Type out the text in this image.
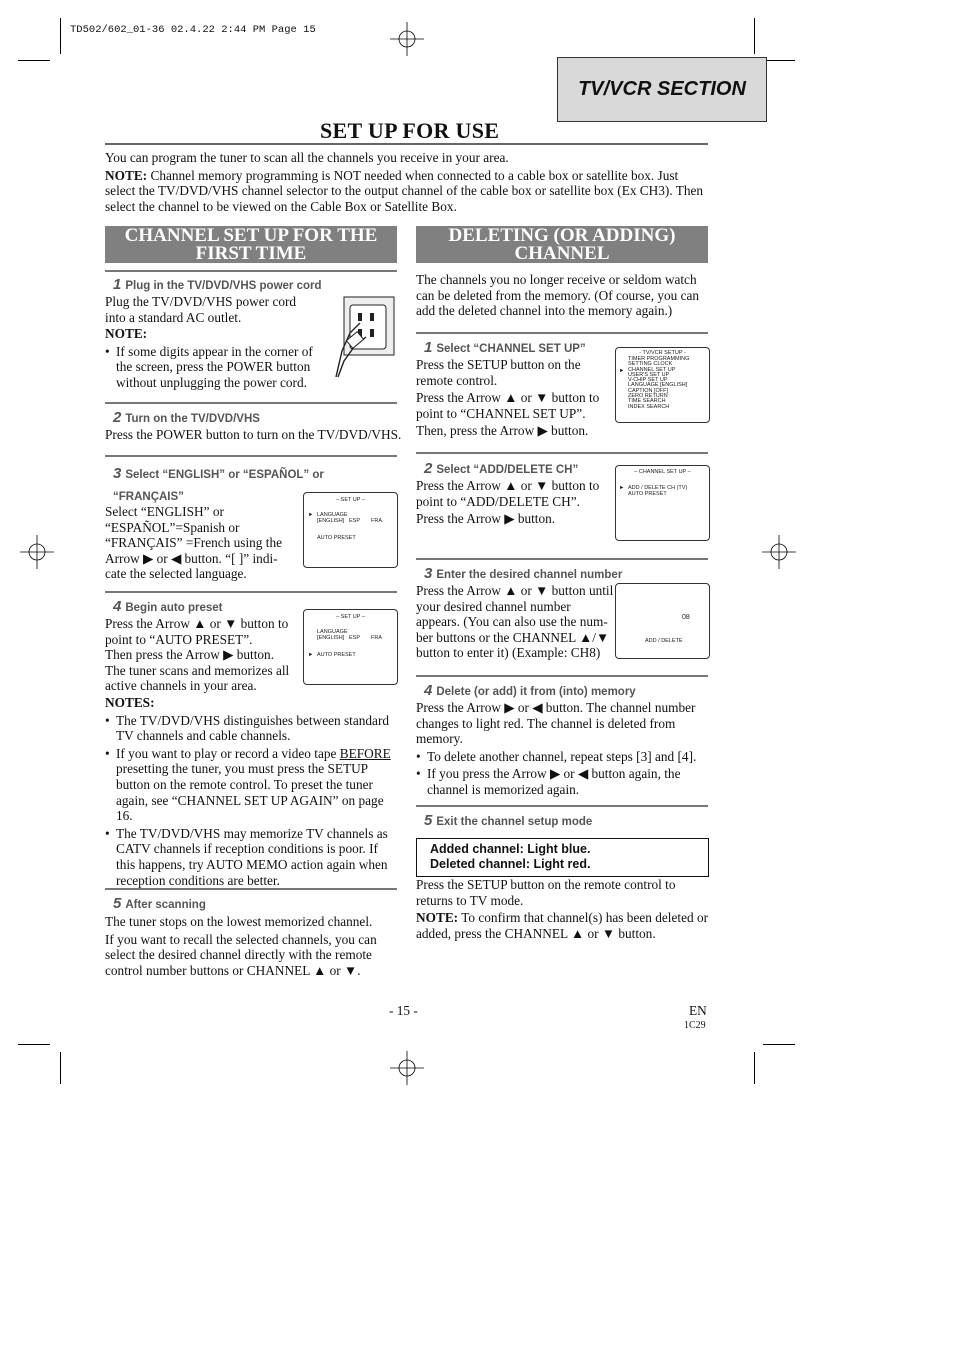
TD502/602_01-36 02.4.22 2:44 PM Page 15
TV/VCR SECTION
SET UP FOR USE
You can program the tuner to scan all the channels you receive in your area.
NOTE: Channel memory programming is NOT needed when connected to a cable box or satellite box. Just select the TV/DVD/VHS channel selector to the output channel of the cable box or satellite box (Ex CH3). Then select the channel to be viewed on the Cable Box or Satellite Box.
CHANNEL SET UP FOR THE
FIRST TIME
1 Plug in the TV/DVD/VHS power cord
Plug the TV/DVD/VHS power cord
into a standard AC outlet.
NOTE:
• If some digits appear in the corner of
the screen, press the POWER button
without unplugging the power cord.
2 Turn on the TV/DVD/VHS
Press the POWER button to turn on the TV/DVD/VHS.
3 Select “ENGLISH” or “ESPAÑOL” or
“FRANÇAIS”
Select “ENGLISH” or
“ESPAÑOL”=Spanish or
“FRANÇAIS” =French using the
Arrow ▶ or ◀ button. “[ ]” indi-
cate the selected language.
– SET UP –
► LANGUAGE
[ENGLISH] ESP FRA
AUTO PRESET
4 Begin auto preset
Press the Arrow ▲ or ▼ button to
point to “AUTO PRESET”.
Then press the Arrow ▶ button.
The tuner scans and memorizes all
active channels in your area.
– SET UP –
LANGUAGE
[ENGLISH] ESP FRA
► AUTO PRESET
NOTES:
• The TV/DVD/VHS distinguishes between standard TV channels and cable channels.
• If you want to play or record a video tape BEFORE presetting the tuner, you must press the SETUP button on the remote control. To preset the tuner again, see “CHANNEL SET UP AGAIN” on page 16.
• The TV/DVD/VHS may memorize TV channels as CATV channels if reception conditions is poor. If this happens, try AUTO MEMO action again when reception conditions are better.
5 After scanning
The tuner stops on the lowest memorized channel.
If you want to recall the selected channels, you can select the desired channel directly with the remote control number buttons or CHANNEL ▲ or ▼.
DELETING (OR ADDING)
CHANNEL
The channels you no longer receive or seldom watch can be deleted from the memory. (Of course, you can add the deleted channel into the memory again.)
1 Select “CHANNEL SET UP”
Press the SETUP button on the
remote control.
Press the Arrow ▲ or ▼ button to
point to “CHANNEL SET UP”.
Then, press the Arrow ▶ button.
- TV/VCR SETUP -
►
TIMER PROGRAMMING
SETTING CLOCK
CHANNEL SET UP
USER'S SET UP
V-CHIP SET UP
LANGUAGE [ENGLISH]
CAPTION [OFF]
ZERO RETURN
TIME SEARCH
INDEX SEARCH
2 Select “ADD/DELETE CH”
Press the Arrow ▲ or ▼ button to
point to “ADD/DELETE CH”.
Press the Arrow ▶ button.
– CHANNEL SET UP –
► ADD / DELETE CH (TV)
AUTO PRESET
3 Enter the desired channel number
Press the Arrow ▲ or ▼ button until
your desired channel number
appears. (You can also use the num-
ber buttons or the CHANNEL ▲/▼
button to enter it) (Example: CH8)
08
ADD / DELETE
4 Delete (or add) it from (into) memory
Press the Arrow ▶ or ◀ button. The channel number changes to light red. The channel is deleted from memory.
• To delete another channel, repeat steps [3] and [4].
• If you press the Arrow ▶ or ◀ button again, the channel is memorized again.
5 Exit the channel setup mode
Added channel: Light blue.
Deleted channel: Light red.
Press the SETUP button on the remote control to returns to TV mode.
NOTE: To confirm that channel(s) has been deleted or added, press the CHANNEL ▲ or ▼ button.
- 15 -	EN
1C29
